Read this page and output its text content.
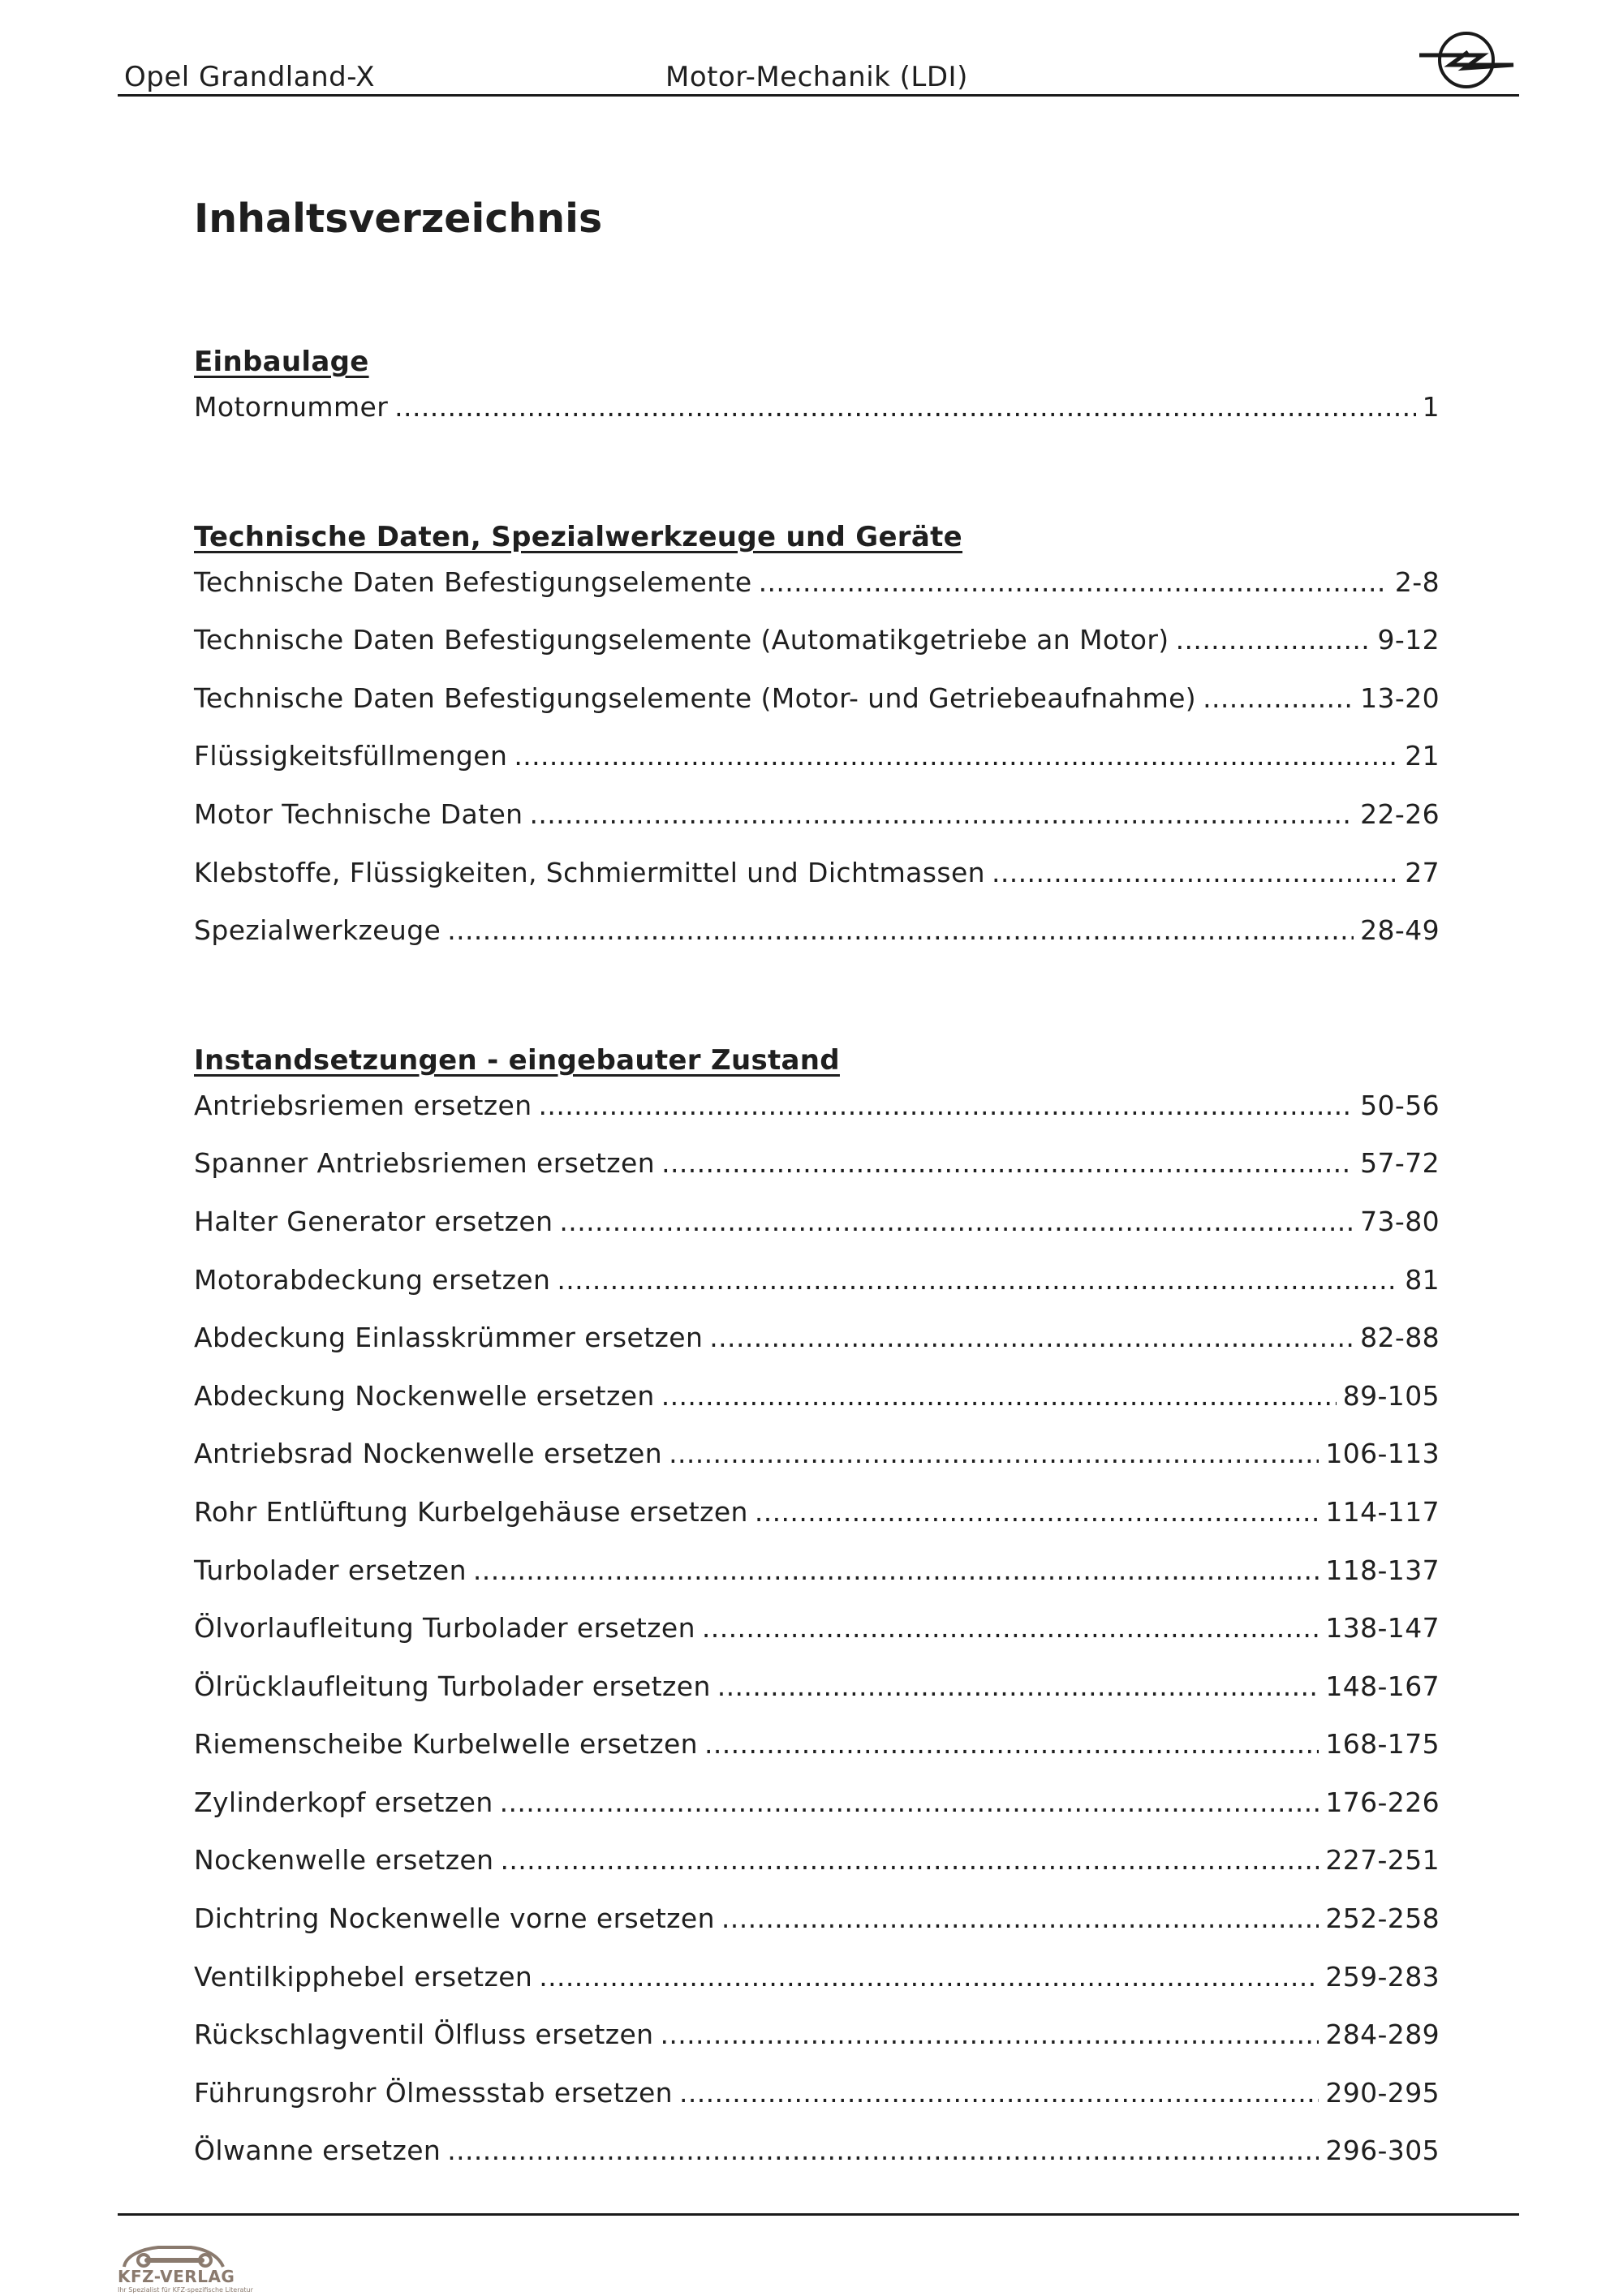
Opel Grandland-X	Motor-Mechanik (LDI)
Inhaltsverzeichnis
Einbaulage
Motornummer .....	1
Technische Daten, Spezialwerkzeuge und Geräte
Technische Daten Befestigungselemente .....	2-8
Technische Daten Befestigungselemente (Automatikgetriebe an Motor) .....	9-12
Technische Daten Befestigungselemente (Motor- und Getriebeaufnahme) .....	13-20
Flüssigkeitsfüllmengen .....	21
Motor Technische Daten .....	22-26
Klebstoffe, Flüssigkeiten, Schmiermittel und Dichtmassen .....	27
Spezialwerkzeuge .....	28-49
Instandsetzungen - eingebauter Zustand
Antriebsriemen ersetzen .....	50-56
Spanner Antriebsriemen ersetzen .....	57-72
Halter Generator ersetzen .....	73-80
Motorabdeckung ersetzen .....	81
Abdeckung Einlasskrümmer ersetzen .....	82-88
Abdeckung Nockenwelle ersetzen .....	89-105
Antriebsrad Nockenwelle ersetzen .....	106-113
Rohr Entlüftung Kurbelgehäuse ersetzen .....	114-117
Turbolader ersetzen .....	118-137
Ölvorlaufleitung Turbolader ersetzen .....	138-147
Ölrücklaufleitung Turbolader ersetzen .....	148-167
Riemenscheibe Kurbelwelle ersetzen .....	168-175
Zylinderkopf ersetzen .....	176-226
Nockenwelle ersetzen .....	227-251
Dichtring Nockenwelle vorne ersetzen .....	252-258
Ventilkipphebel ersetzen .....	259-283
Rückschlagventil Ölfluss ersetzen .....	284-289
Führungsrohr Ölmessstab ersetzen .....	290-295
Ölwanne ersetzen .....	296-305
KFZ-VERLAG
Ihr Spezialist für KFZ-spezifische Literatur
